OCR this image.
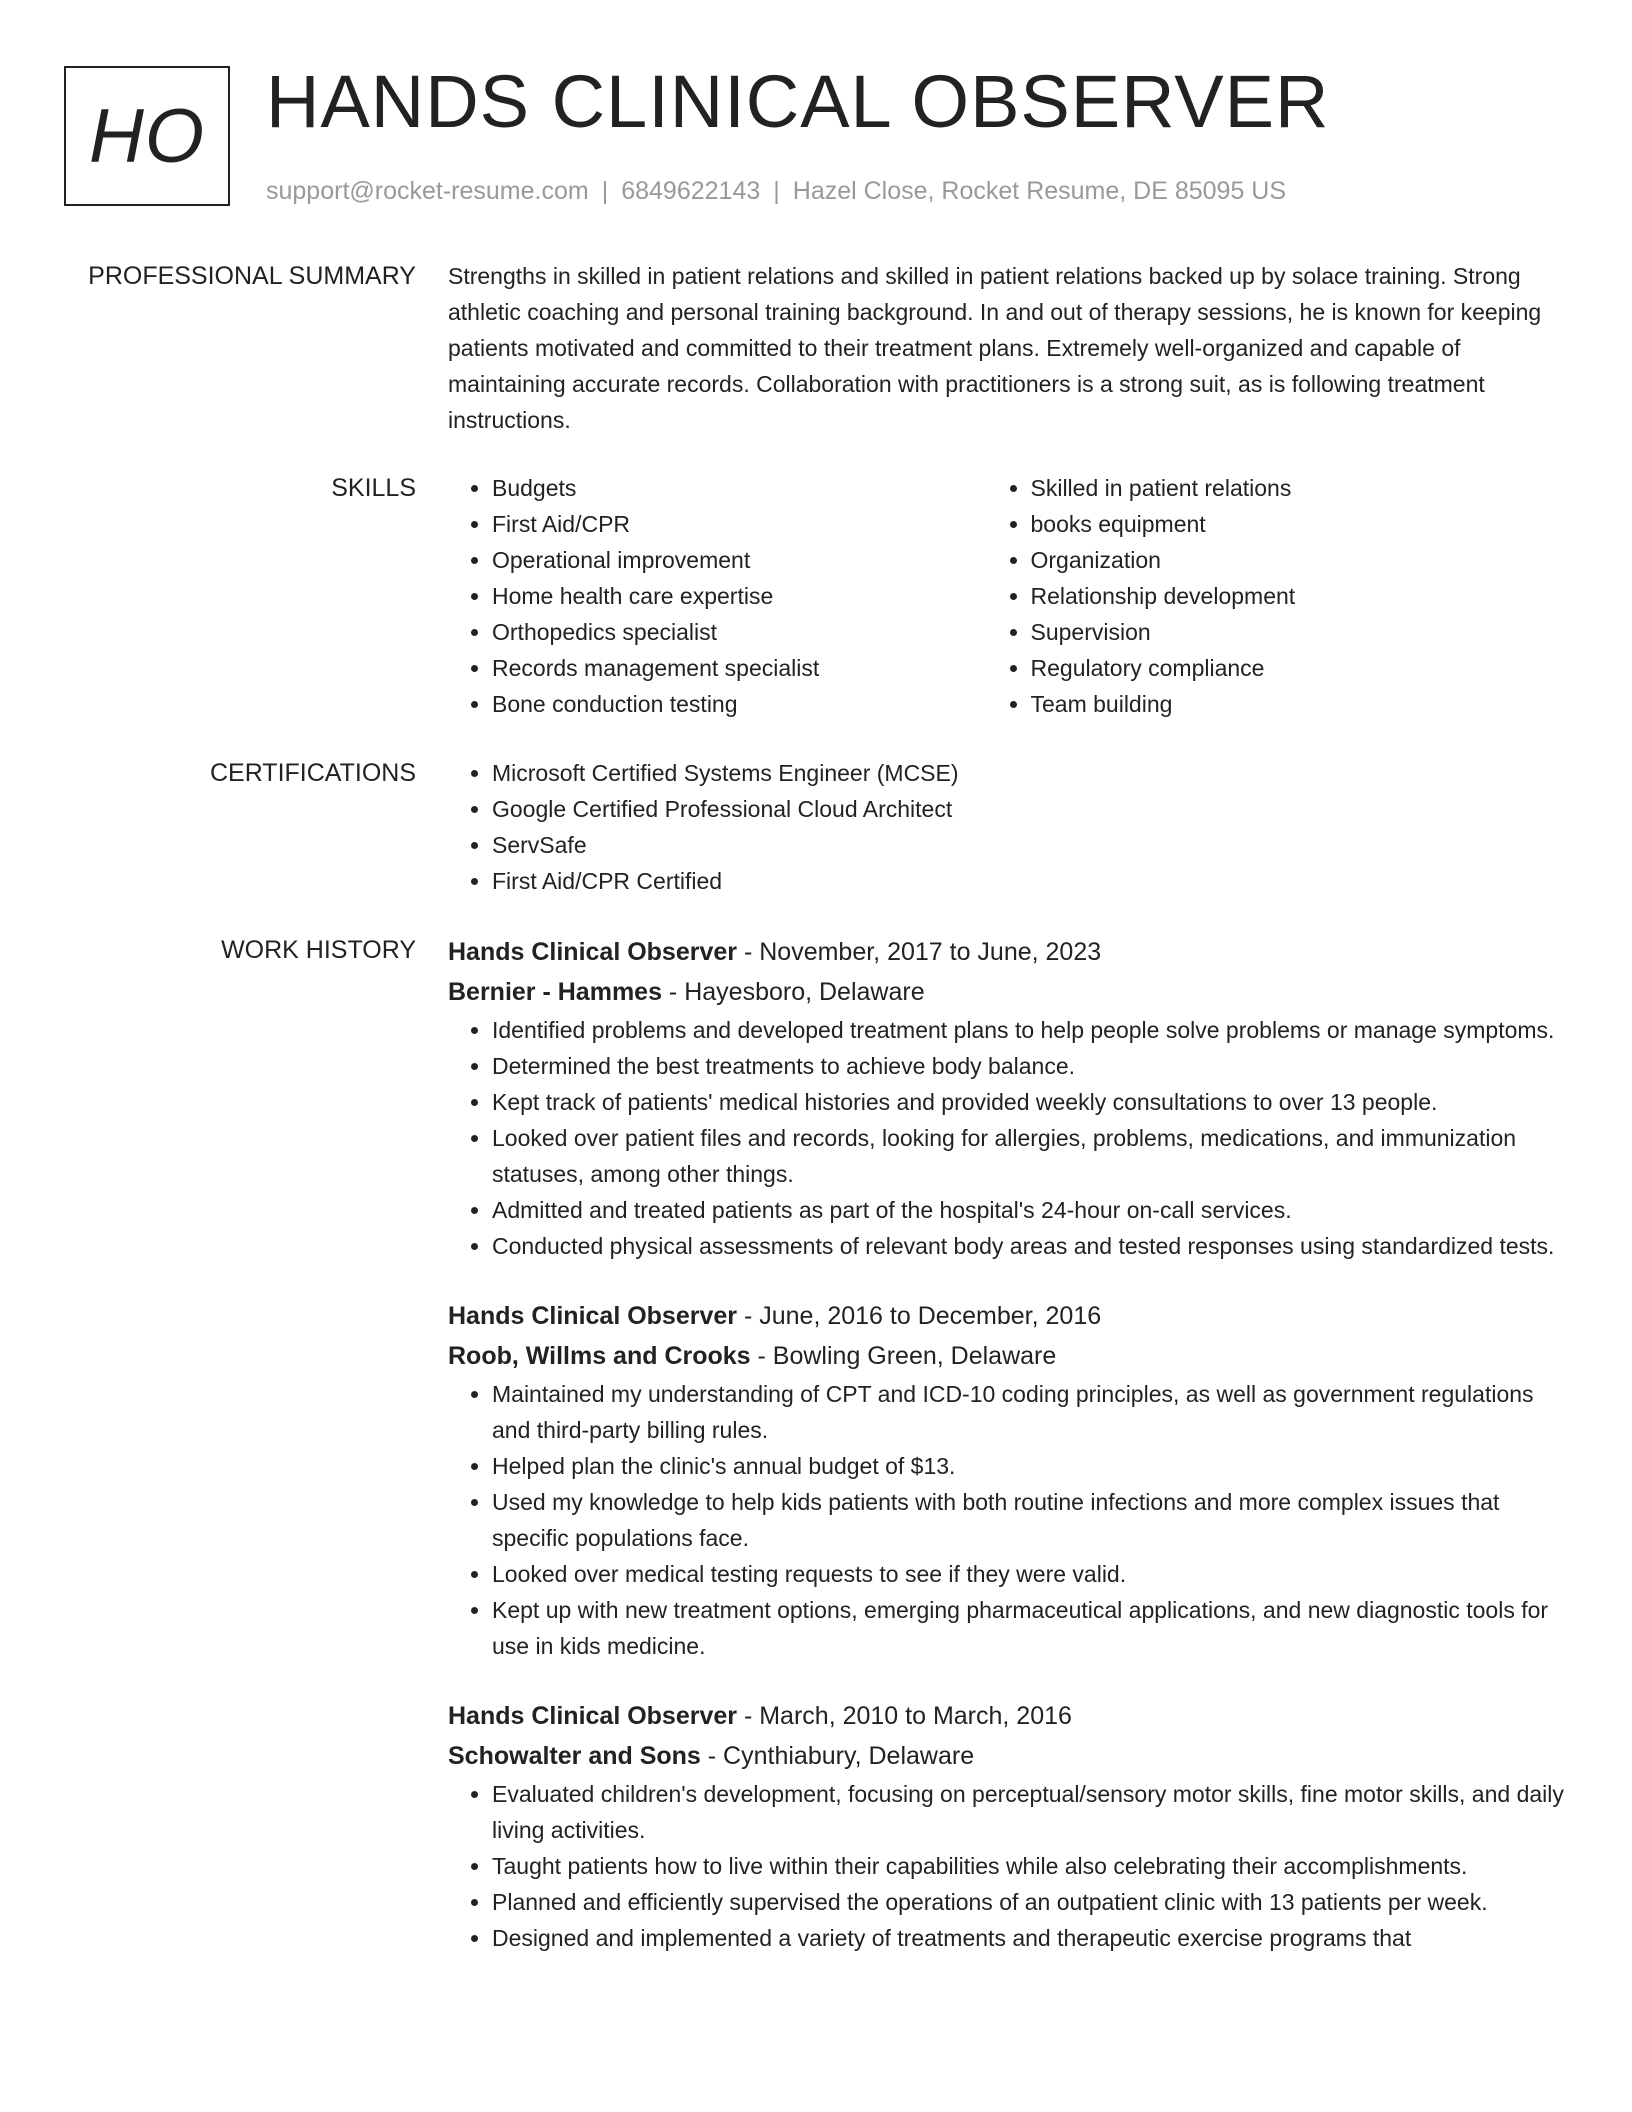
HO HANDS CLINICAL OBSERVER
support@rocket-resume.com | 6849622143 | Hazel Close, Rocket Resume, DE 85095 US
PROFESSIONAL SUMMARY Strengths in skilled in patient relations and skilled in patient relations backed up by solace training. Strong athletic coaching and personal training background. In and out of therapy sessions, he is known for keeping patients motivated and committed to their treatment plans. Extremely well-organized and capable of maintaining accurate records. Collaboration with practitioners is a strong suit, as is following treatment instructions.

SKILLS	• Budgets
• First Aid/CPR
• Operational improvement
• Home health care expertise
• Orthopedics specialist
• Records management specialist
• Bone conduction testing
• Skilled in patient relations
• books equipment
• Organization
• Relationship development
• Supervision
• Regulatory compliance
• Team building
CERTIFICATIONS	• Microsoft Certified Systems Engineer (MCSE)
• Google Certified Professional Cloud Architect
• ServSafe
• First Aid/CPR Certified
WORK HISTORY Hands Clinical Observer - November, 2017 to June, 2023
Bernier - Hammes - Hayesboro, Delaware
• Identified problems and developed treatment plans to help people solve problems or manage symptoms.
• Determined the best treatments to achieve body balance.
• Kept track of patients' medical histories and provided weekly consultations to over 13 people.
• Looked over patient files and records, looking for allergies, problems, medications, and immunization statuses, among other things.
• Admitted and treated patients as part of the hospital's 24-hour on-call services.
• Conducted physical assessments of relevant body areas and tested responses using standardized tests.
Hands Clinical Observer - June, 2016 to December, 2016
Roob, Willms and Crooks - Bowling Green, Delaware
• Maintained my understanding of CPT and ICD-10 coding principles, as well as government regulations and third-party billing rules.
• Helped plan the clinic's annual budget of $13.
• Used my knowledge to help kids patients with both routine infections and more complex issues that specific populations face.
• Looked over medical testing requests to see if they were valid.
• Kept up with new treatment options, emerging pharmaceutical applications, and new diagnostic tools for use in kids medicine.
Hands Clinical Observer - March, 2010 to March, 2016
Schowalter and Sons - Cynthiabury, Delaware
• Evaluated children's development, focusing on perceptual/sensory motor skills, fine motor skills, and daily living activities.
• Taught patients how to live within their capabilities while also celebrating their accomplishments.
• Planned and efficiently supervised the operations of an outpatient clinic with 13 patients per week.
• Designed and implemented a variety of treatments and therapeutic exercise programs that
